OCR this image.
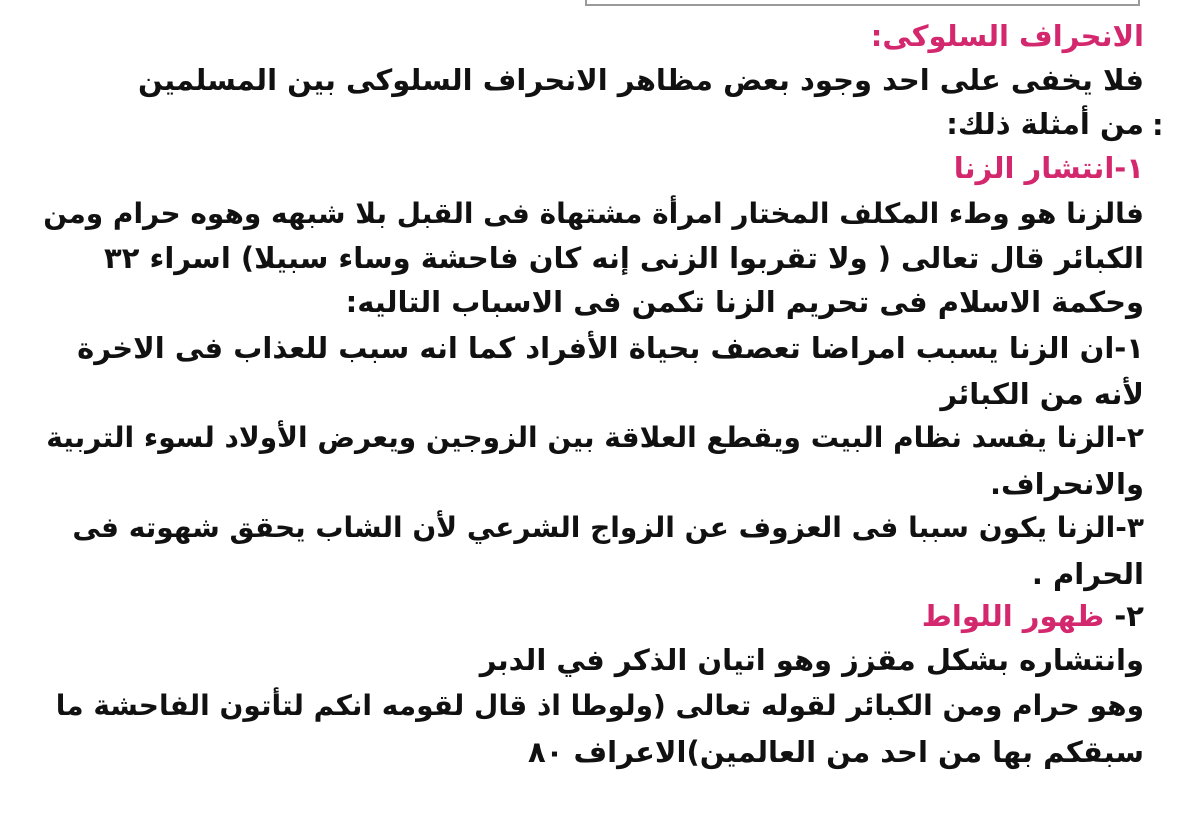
الانحراف السلوكى:
فلا يخفى على احد وجود بعض مظاهر الانحراف السلوكى بين المسلمين
:
من أمثلة ذلك:
١-انتشار الزنا
فالزنا هو وطء المكلف المختار امرأة مشتهاة فى القبل بلا شبهه وهوه حرام ومن
الكبائر قال تعالى ( ولا تقربوا الزنى إنه كان فاحشة وساء سبيلا) اسراء ٣٢
وحكمة الاسلام فى تحريم الزنا تكمن فى الاسباب التاليه:
١-ان الزنا يسبب امراضا تعصف بحياة الأفراد كما انه سبب للعذاب فى الاخرة
لأنه من الكبائر
٢-الزنا يفسد نظام البيت ويقطع العلاقة بين الزوجين ويعرض الأولاد لسوء التربية
والانحراف.
٣-الزنا يكون سببا فى العزوف عن الزواج الشرعي لأن الشاب يحقق شهوته فى
الحرام .
٢- ظهور اللواط
وانتشاره بشكل مقزز وهو اتيان الذكر في الدبر
وهو حرام ومن الكبائر لقوله تعالى (ولوطا اذ قال لقومه انكم لتأتون الفاحشة ما
سبقكم بها من احد من العالمين)الاعراف ٨٠
